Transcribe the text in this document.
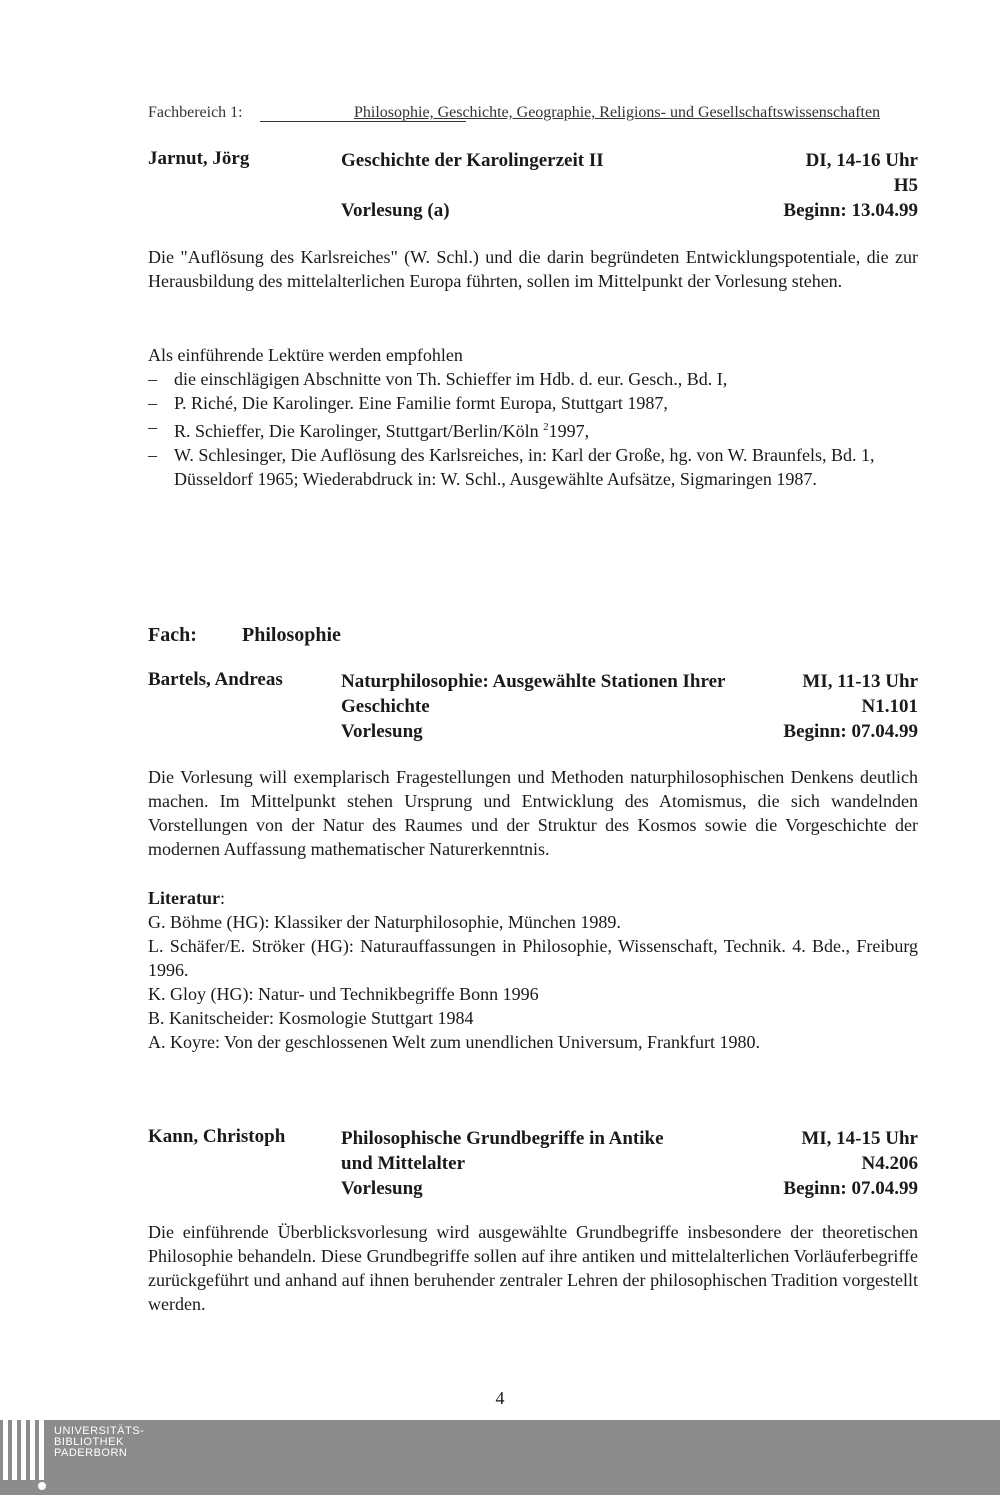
Fachbereich 1:	Philosophie, Geschichte, Geographie, Religions- und Gesellschaftswissenschaften
Jarnut, Jörg	Geschichte der Karolingerzeit II
Vorlesung (a)
DI, 14-16 Uhr
H5
Beginn: 13.04.99
Die "Auflösung des Karlsreiches" (W. Schl.) und die darin begründeten Entwicklungspotentiale, die zur Herausbildung des mittelalterlichen Europa führten, sollen im Mittelpunkt der Vorlesung stehen.
Als einführende Lektüre werden empfohlen
– die einschlägigen Abschnitte von Th. Schieffer im Hdb. d. eur. Gesch., Bd. I,
– P. Riché, Die Karolinger. Eine Familie formt Europa, Stuttgart 1987,
– R. Schieffer, Die Karolinger, Stuttgart/Berlin/Köln $^2$1997,
– W. Schlesinger, Die Auflösung des Karlsreiches, in: Karl der Große, hg. von W. Braunfels, Bd. 1, Düsseldorf 1965; Wiederabdruck in: W. Schl., Ausgewählte Aufsätze, Sigmaringen 1987.
Fach: Philosophie
Bartels, Andreas	Naturphilosophie: Ausgewählte Stationen Ihrer
Geschichte
Vorlesung
MI, 11-13 Uhr
N1.101
Beginn: 07.04.99
Die Vorlesung will exemplarisch Fragestellungen und Methoden naturphilosophischen Denkens deutlich machen. Im Mittelpunkt stehen Ursprung und Entwicklung des Atomismus, die sich wandelnden Vorstellungen von der Natur des Raumes und der Struktur des Kosmos sowie die Vorgeschichte der modernen Auffassung mathematischer Naturerkenntnis.
Literatur:
G. Böhme (HG): Klassiker der Naturphilosophie, München 1989.
L. Schäfer/E. Ströker (HG): Naturauffassungen in Philosophie, Wissenschaft, Technik. 4. Bde., Freiburg 1996.
K. Gloy (HG): Natur- und Technikbegriffe Bonn 1996
B. Kanitscheider: Kosmologie Stuttgart 1984
A. Koyre: Von der geschlossenen Welt zum unendlichen Universum, Frankfurt 1980.
Kann, Christoph	Philosophische Grundbegriffe in Antike
und Mittelalter
Vorlesung
MI, 14-15 Uhr
N4.206
Beginn: 07.04.99
Die einführende Überblicksvorlesung wird ausgewählte Grundbegriffe insbesondere der theoretischen Philosophie behandeln. Diese Grundbegriffe sollen auf ihre antiken und mittelalterlichen Vorläuferbegriffe zurückgeführt und anhand auf ihnen beruhender zentraler Lehren der philosophischen Tradition vorgestellt werden.
4
UNIVERSITÄTS-
BIBLIOTHEK
PADERBORN
